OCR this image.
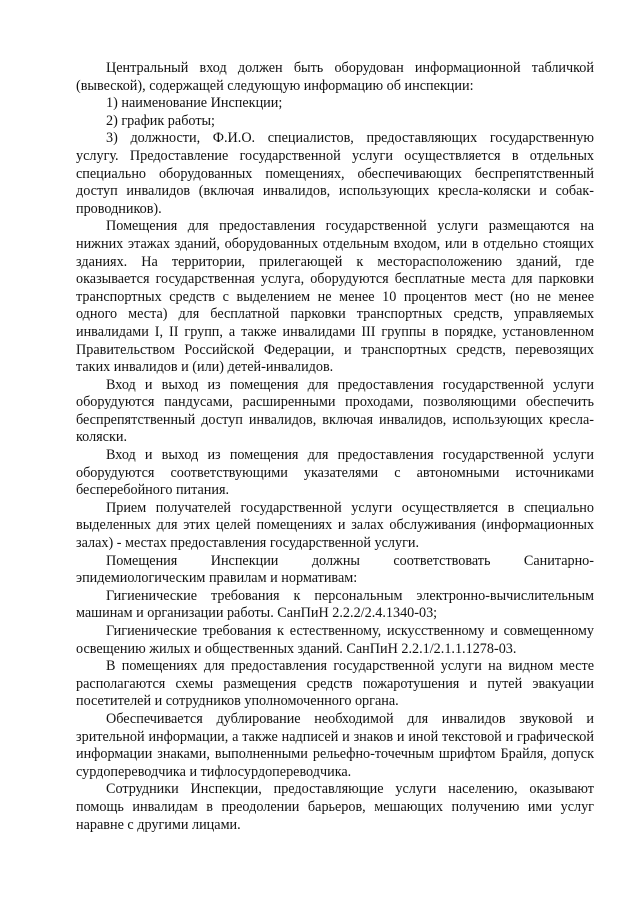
Центральный вход должен быть оборудован информационной табличкой (вывеской), содержащей следующую информацию об инспекции:

1) наименование Инспекции;

2) график работы;

3) должности, Ф.И.О. специалистов, предоставляющих государственную услугу. Предоставление государственной услуги осуществляется в отдельных специально оборудованных помещениях, обеспечивающих беспрепятственный доступ инвалидов (включая инвалидов, использующих кресла-коляски и собак-проводников).

Помещения для предоставления государственной услуги размещаются на нижних этажах зданий, оборудованных отдельным входом, или в отдельно стоящих зданиях. На территории, прилегающей к месторасположению зданий, где оказывается государственная услуга, оборудуются бесплатные места для парковки транспортных средств с выделением не менее 10 процентов мест (но не менее одного места) для бесплатной парковки транспортных средств, управляемых инвалидами I, II групп, а также инвалидами III группы в порядке, установленном Правительством Российской Федерации, и транспортных средств, перевозящих таких инвалидов и (или) детей-инвалидов.

Вход и выход из помещения для предоставления государственной услуги оборудуются пандусами, расширенными проходами, позволяющими обеспечить беспрепятственный доступ инвалидов, включая инвалидов, использующих кресла-коляски.

Вход и выход из помещения для предоставления государственной услуги оборудуются соответствующими указателями с автономными источниками бесперебойного питания.

Прием получателей государственной услуги осуществляется в специально выделенных для этих целей помещениях и залах обслуживания (информационных залах) - местах предоставления государственной услуги.

Помещения Инспекции должны соответствовать Санитарно-эпидемиологическим правилам и нормативам:

Гигиенические требования к персональным электронно-вычислительным машинам и организации работы. СанПиН 2.2.2/2.4.1340-03;

Гигиенические требования к естественному, искусственному и совмещенному освещению жилых и общественных зданий. СанПиН 2.2.1/2.1.1.1278-03.

В помещениях для предоставления государственной услуги на видном месте располагаются схемы размещения средств пожаротушения и путей эвакуации посетителей и сотрудников уполномоченного органа.

Обеспечивается дублирование необходимой для инвалидов звуковой и зрительной информации, а также надписей и знаков и иной текстовой и графической информации знаками, выполненными рельефно-точечным шрифтом Брайля, допуск сурдопереводчика и тифлосурдопереводчика.

Сотрудники Инспекции, предоставляющие услуги населению, оказывают помощь инвалидам в преодолении барьеров, мешающих получению ими услуг наравне с другими лицами.
